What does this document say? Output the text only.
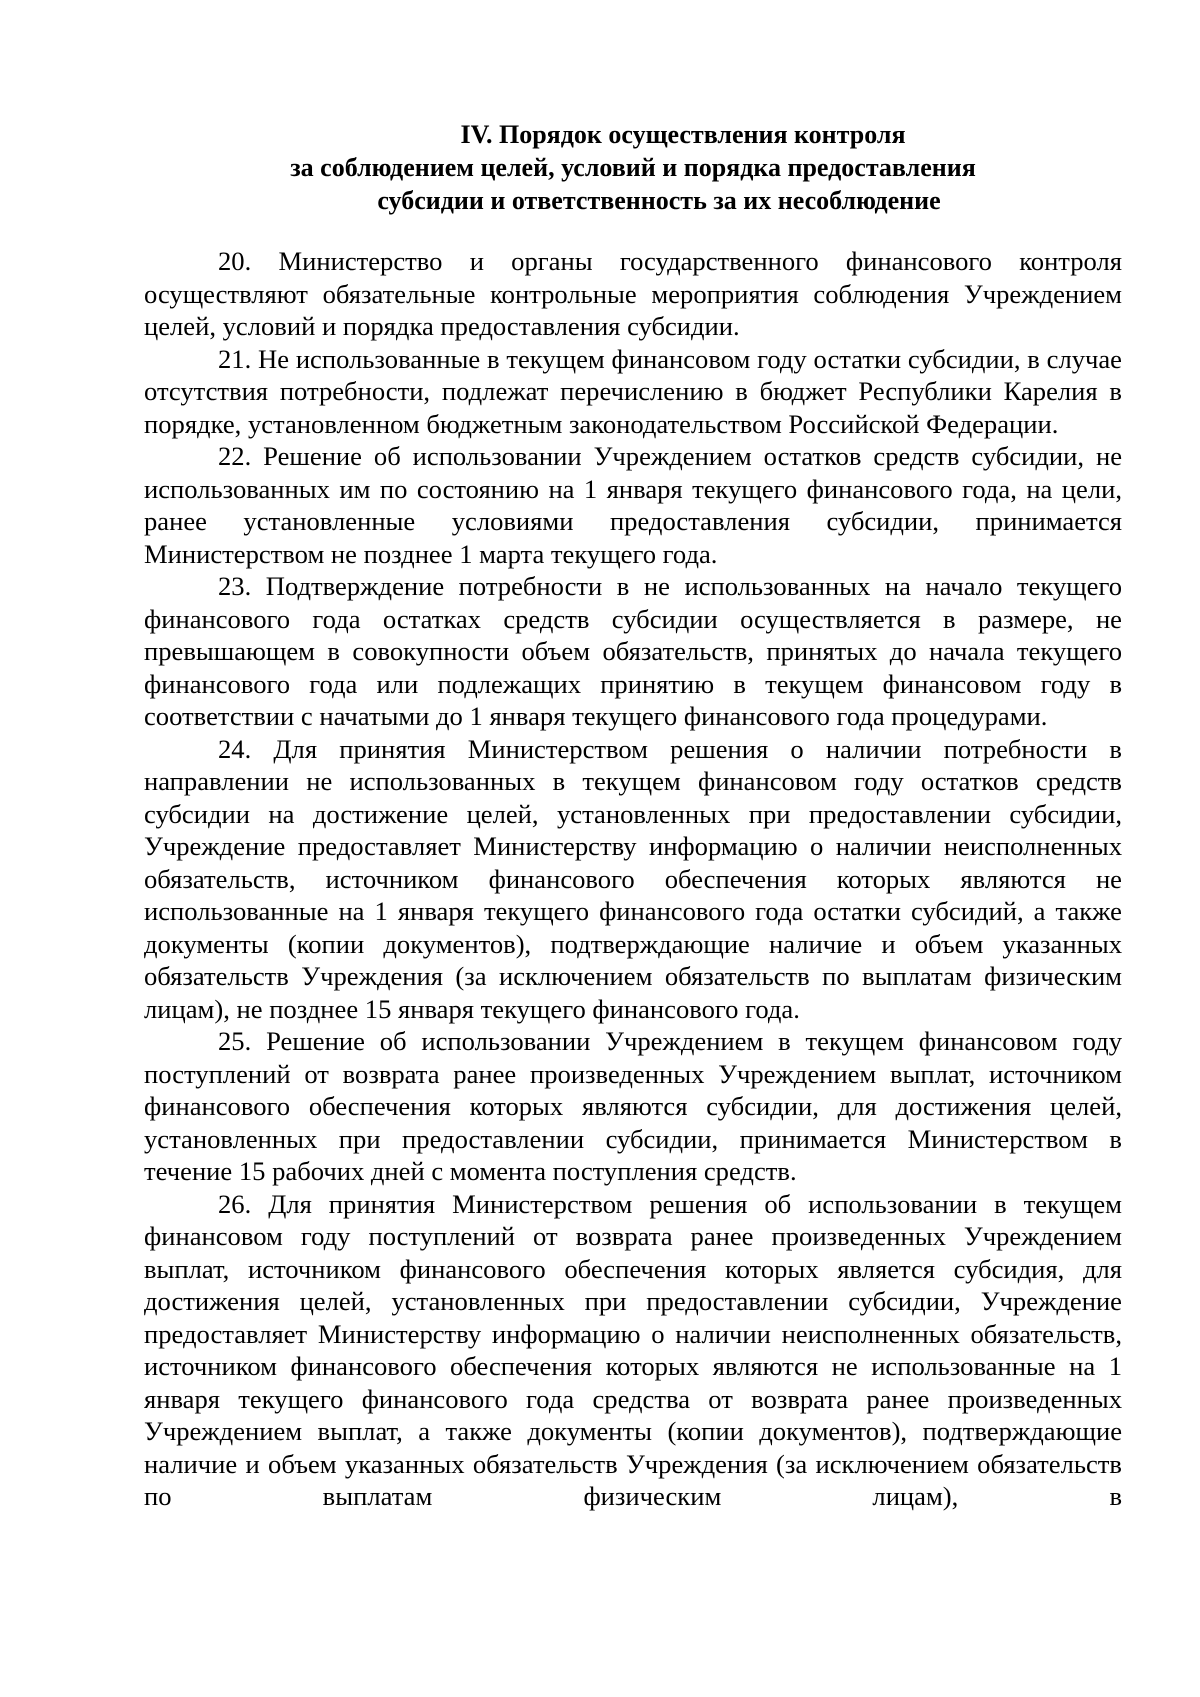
IV. Порядок осуществления контроля
за соблюдением целей, условий и порядка предоставления
субсидии и ответственность за их несоблюдение

20. Министерство и органы государственного финансового контроля осуществляют обязательные контрольные мероприятия соблюдения Учреждением целей, условий и порядка предоставления субсидии.

21. Не использованные в текущем финансовом году остатки субсидии, в случае отсутствия потребности, подлежат перечислению в бюджет Республики Карелия в порядке, установленном бюджетным законодательством Российской Федерации.

22. Решение об использовании Учреждением остатков средств субсидии, не использованных им по состоянию на 1 января текущего финансового года, на цели, ранее установленные условиями предоставления субсидии, принимается Министерством не позднее 1 марта текущего года.

23. Подтверждение потребности в не использованных на начало текущего финансового года остатках средств субсидии осуществляется в размере, не превышающем в совокупности объем обязательств, принятых до начала текущего финансового года или подлежащих принятию в текущем финансовом году в соответствии с начатыми до 1 января текущего финансового года процедурами.

24. Для принятия Министерством решения о наличии потребности в направлении не использованных в текущем финансовом году остатков средств субсидии на достижение целей, установленных при предоставлении субсидии, Учреждение предоставляет Министерству информацию о наличии неисполненных обязательств, источником финансового обеспечения которых являются не использованные на 1 января текущего финансового года остатки субсидий, а также документы (копии документов), подтверждающие наличие и объем указанных обязательств Учреждения (за исключением обязательств по выплатам физическим лицам), не позднее 15 января текущего финансового года.

25. Решение об использовании Учреждением в текущем финансовом году поступлений от возврата ранее произведенных Учреждением выплат, источником финансового обеспечения которых являются субсидии, для достижения целей, установленных при предоставлении субсидии, принимается Министерством в течение 15 рабочих дней с момента поступления средств.

26. Для принятия Министерством решения об использовании в текущем финансовом году поступлений от возврата ранее произведенных Учреждением выплат, источником финансового обеспечения которых является субсидия, для достижения целей, установленных при предоставлении субсидии, Учреждение предоставляет Министерству информацию о наличии неисполненных обязательств, источником финансового обеспечения которых являются не использованные на 1 января текущего финансового года средства от возврата ранее произведенных Учреждением выплат, а также документы (копии документов), подтверждающие наличие и объем указанных обязательств Учреждения (за исключением обязательств по выплатам физическим лицам), в
